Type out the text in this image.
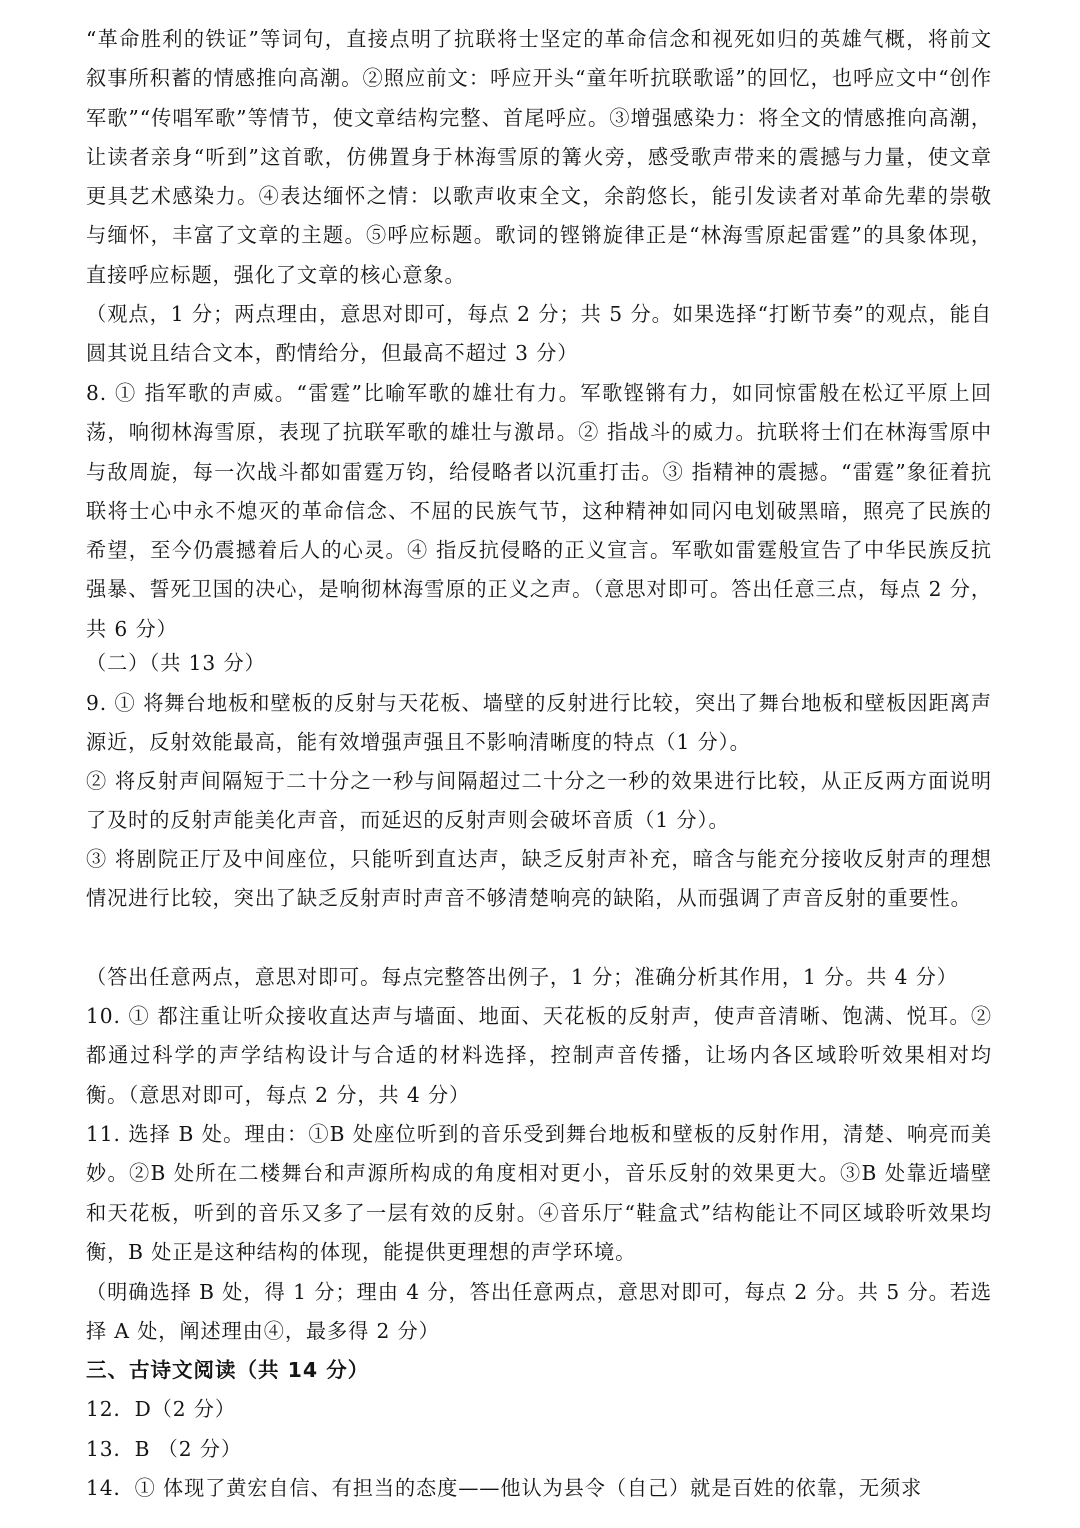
“革命胜利的铁证”等词句，直接点明了抗联将士坚定的革命信念和视死如归的英雄气概，将前文叙事所积蓄的情感推向高潮。②照应前文：呼应开头“童年听抗联歌谣”的回忆，也呼应文中“创作军歌”“传唱军歌”等情节，使文章结构完整、首尾呼应。③增强感染力：将全文的情感推向高潮，让读者亲身“听到”这首歌，仿佛置身于林海雪原的篝火旁，感受歌声带来的震撼与力量，使文章更具艺术感染力。④表达缅怀之情：以歌声收束全文，余韵悠长，能引发读者对革命先辈的崇敬与缅怀，丰富了文章的主题。⑤呼应标题。歌词的铿锵旋律正是“林海雪原起雷霆”的具象体现，直接呼应标题，强化了文章的核心意象。

（观点，1 分；两点理由，意思对即可，每点 2 分；共 5 分。如果选择“打断节奏”的观点，能自圆其说且结合文本，酌情给分，但最高不超过 3 分）

8. ① 指军歌的声威。“雷霆”比喻军歌的雄壮有力。军歌铿锵有力，如同惊雷般在松辽平原上回荡，响彻林海雪原，表现了抗联军歌的雄壮与激昂。② 指战斗的威力。抗联将士们在林海雪原中与敌周旋，每一次战斗都如雷霆万钧，给侵略者以沉重打击。③ 指精神的震撼。“雷霆”象征着抗联将士心中永不熄灭的革命信念、不屈的民族气节，这种精神如同闪电划破黑暗，照亮了民族的希望，至今仍震撼着后人的心灵。④ 指反抗侵略的正义宣言。军歌如雷霆般宣告了中华民族反抗强暴、誓死卫国的决心，是响彻林海雪原的正义之声。（意思对即可。答出任意三点，每点 2 分，共 6 分）

（二）（共 13 分）

9. ① 将舞台地板和壁板的反射与天花板、墙壁的反射进行比较，突出了舞台地板和壁板因距离声源近，反射效能最高，能有效增强声强且不影响清晰度的特点（1 分）。

② 将反射声间隔短于二十分之一秒与间隔超过二十分之一秒的效果进行比较，从正反两方面说明了及时的反射声能美化声音，而延迟的反射声则会破坏音质（1 分）。

③ 将剧院正厅及中间座位，只能听到直达声，缺乏反射声补充，暗含与能充分接收反射声的理想情况进行比较，突出了缺乏反射声时声音不够清楚响亮的缺陷，从而强调了声音反射的重要性。

（答出任意两点，意思对即可。每点完整答出例子，1 分；准确分析其作用，1 分。共 4 分）

10. ① 都注重让听众接收直达声与墙面、地面、天花板的反射声，使声音清晰、饱满、悦耳。② 都通过科学的声学结构设计与合适的材料选择，控制声音传播，让场内各区域聆听效果相对均衡。（意思对即可，每点 2 分，共 4 分）

11. 选择 B 处。理由：①B 处座位听到的音乐受到舞台地板和壁板的反射作用，清楚、响亮而美妙。②B 处所在二楼舞台和声源所构成的角度相对更小，音乐反射的效果更大。③B 处靠近墙壁和天花板，听到的音乐又多了一层有效的反射。④音乐厅“鞋盒式”结构能让不同区域聆听效果均衡，B 处正是这种结构的体现，能提供更理想的声学环境。

（明确选择 B 处，得 1 分；理由 4 分，答出任意两点，意思对即可，每点 2 分。共 5 分。若选择 A 处，阐述理由④，最多得 2 分）

三、古诗文阅读（共 14 分）

12．D（2 分）

13．B （2 分）

14．① 体现了黄宏自信、有担当的态度——他认为县令（自己）就是百姓的依靠，无须求
